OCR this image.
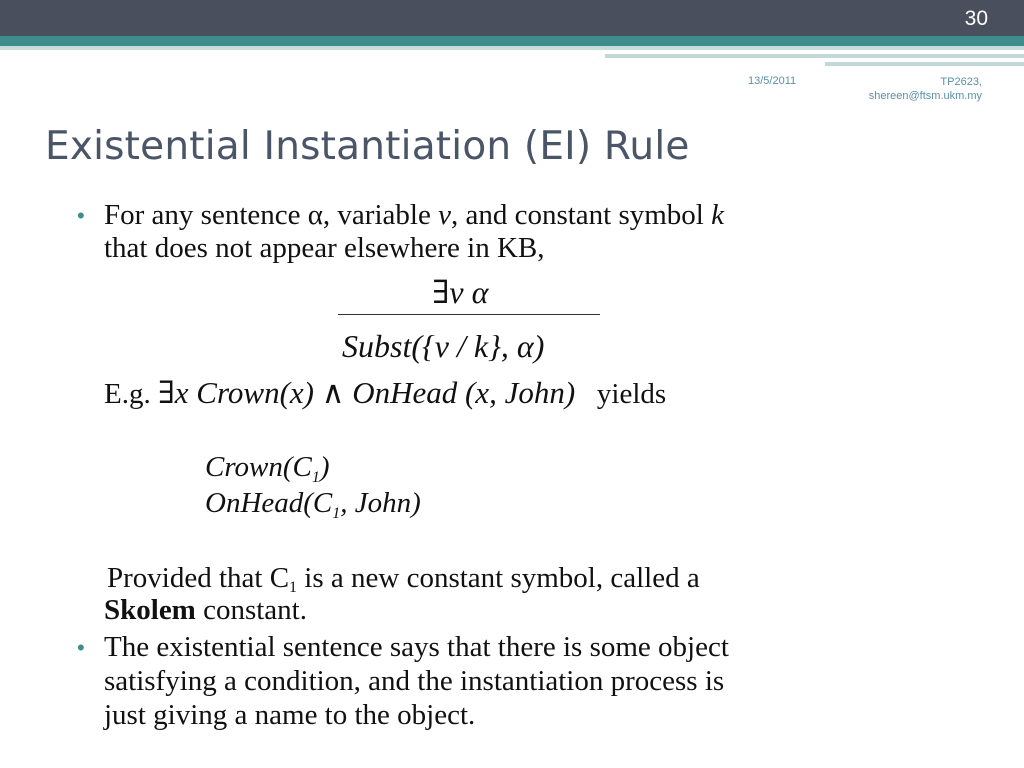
30
13/5/2011	TP2623,
shereen@ftsm.ukm.my
Existential Instantiation (EI) Rule
• For any sentence α, variable v, and constant symbol k
that does not appear elsewhere in KB,
∃v α
Subst({v / k}, α)
E.g. ∃x Crown(x) ∧ OnHead (x, John) yields
$Crown(C_1)$
$OnHead(C_1$, John)
Provided that C1 is a new constant symbol, called a
Skolem constant.
• The existential sentence says that there is some object
satisfying a condition, and the instantiation process is
just giving a name to the object.
